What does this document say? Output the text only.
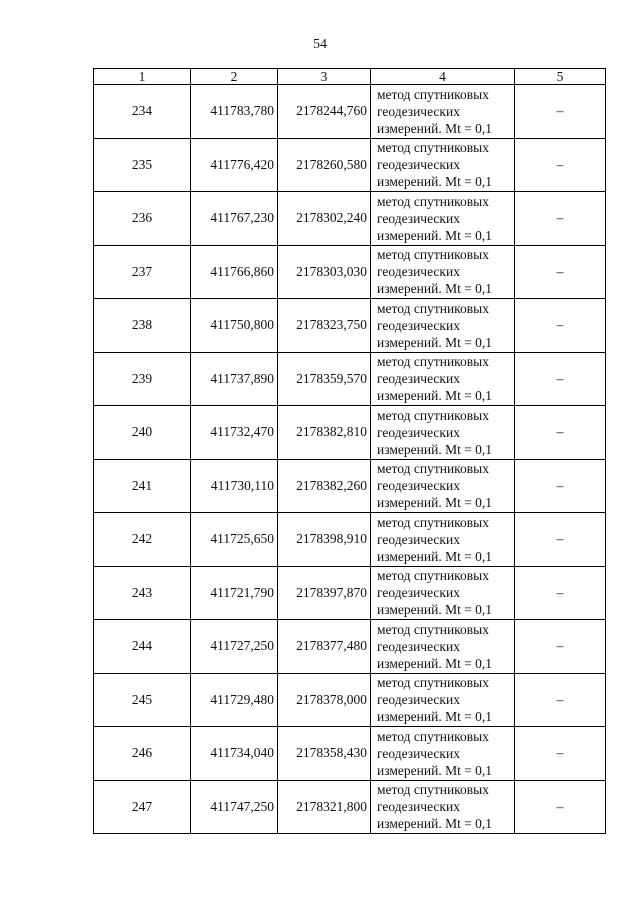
54
1	2	3	4	5
234	411783,780	2178244,760	метод спутниковых
геодезических
измерений. Mt = 0,1	–
235	411776,420	2178260,580	метод спутниковых
геодезических
измерений. Mt = 0,1	–
236	411767,230	2178302,240	метод спутниковых
геодезических
измерений. Mt = 0,1	–
237	411766,860	2178303,030	метод спутниковых
геодезических
измерений. Mt = 0,1	–
238	411750,800	2178323,750	метод спутниковых
геодезических
измерений. Mt = 0,1	–
239	411737,890	2178359,570	метод спутниковых
геодезических
измерений. Mt = 0,1	–
240	411732,470	2178382,810	метод спутниковых
геодезических
измерений. Mt = 0,1	–
241	411730,110	2178382,260	метод спутниковых
геодезических
измерений. Mt = 0,1	–
242	411725,650	2178398,910	метод спутниковых
геодезических
измерений. Mt = 0,1	–
243	411721,790	2178397,870	метод спутниковых
геодезических
измерений. Mt = 0,1	–
244	411727,250	2178377,480	метод спутниковых
геодезических
измерений. Mt = 0,1	–
245	411729,480	2178378,000	метод спутниковых
геодезических
измерений. Mt = 0,1	–
246	411734,040	2178358,430	метод спутниковых
геодезических
измерений. Mt = 0,1	–
247	411747,250	2178321,800	метод спутниковых
геодезических
измерений. Mt = 0,1	–
